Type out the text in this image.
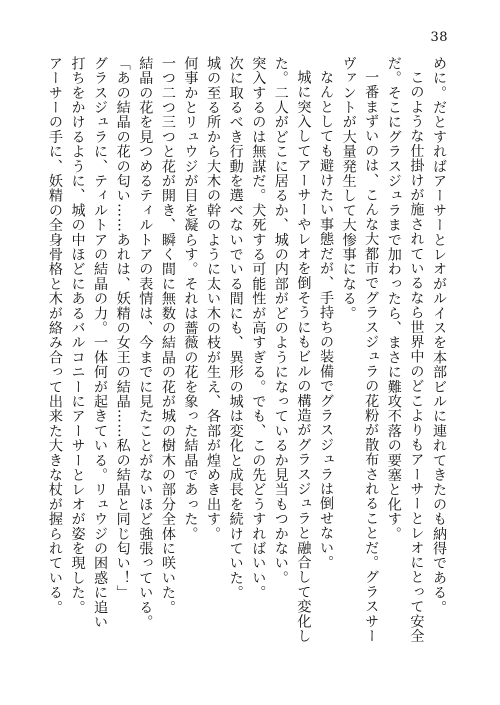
38

めに。だとすればアーサーとレオがルイスを本部ビルに連れてきたのも納得である。

このような仕掛けが施されているなら世界中のどこよりもアーサーとレオにとって安全

だ。そこにグラスジュラまで加わったら、まさに難攻不落の要塞と化す。

一番まずいのは、こんな大都市でグラスジュラの花粉が散布されることだ。グラスサー

ヴァントが大量発生して大惨事になる。

なんとしても避けたい事態だが、手持ちの装備でグラスジュラは倒せない。

城に突入してアーサーやレオを倒そうにもビルの構造がグラスジュラと融合して変化し

た。二人がどこに居るか、城の内部がどのようになっているか見当もつかない。

突入するのは無謀だ。犬死する可能性が高すぎる。でも、この先どうすればいい。

次に取るべき行動を選べないでいる間にも、異形の城は変化と成長を続けていた。

城の至る所から大木の幹のように太い木の枝が生え、各部が煌めき出す。

何事かとリュウジが目を凝らす。それは薔薇の花を象った結晶であった。

一つ二つ三つと花が開き、瞬く間に無数の結晶の花が城の樹木の部分全体に咲いた。

結晶の花を見つめるティルトアの表情は、今までに見たことがないほど強張っている。

「あの結晶の花の匂い……あれは、妖精の女王の結晶……私の結晶と同じ匂い！」

グラスジュラに、ティルトアの結晶の力。一体何が起きている。リュウジの困惑に追い

打ちをかけるように、城の中ほどにあるバルコニーにアーサーとレオが姿を現した。

アーサーの手に、妖精の全身骨格と木が絡み合って出来た大きな杖が握られている。
